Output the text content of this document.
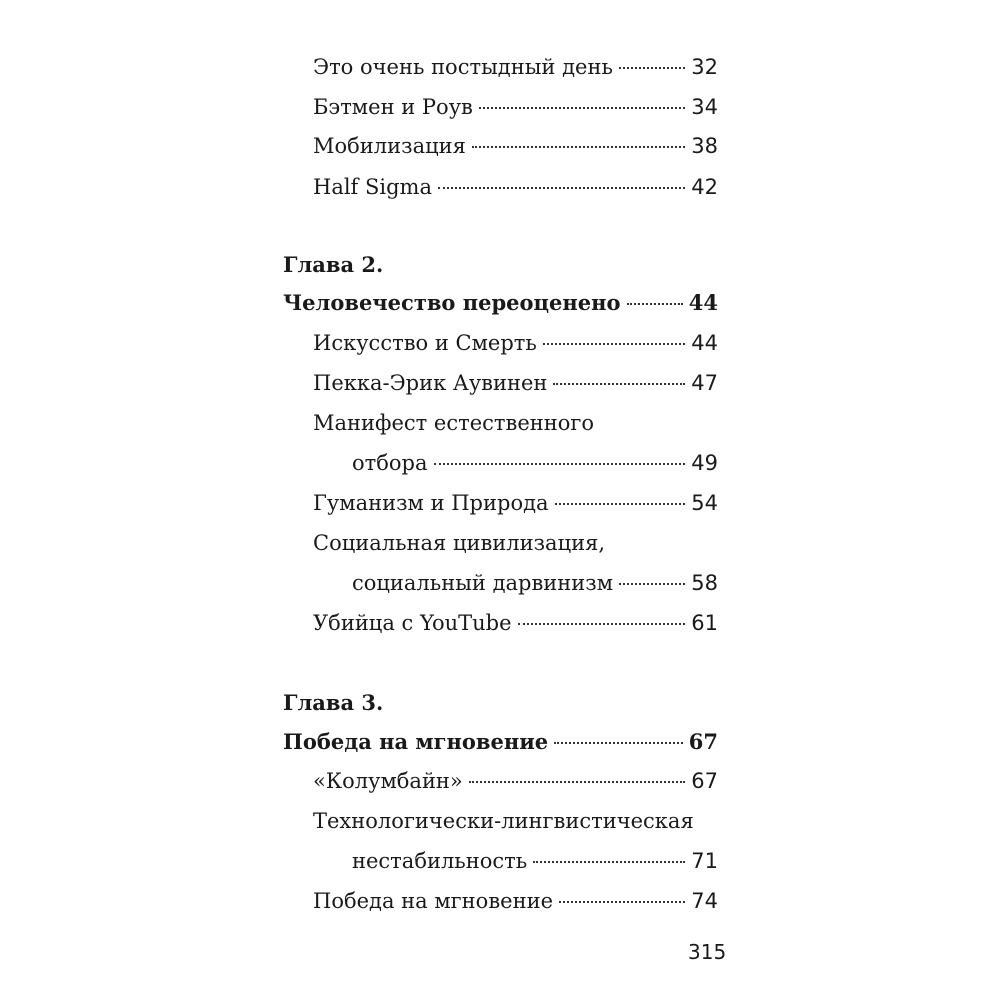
Это очень постыдный день	32
Бэтмен и Роув	34
Мобилизация	38
Half Sigma	42
Глава 2.
Человечество переоценено	44
Искусство и Смерть	44
Пекка-Эрик Аувинен	47
Манифест естественного
отбора	49
Гуманизм и Природа	54
Социальная цивилизация,
социальный дарвинизм	58
Убийца с YouTube	61
Глава 3.
Победа на мгновение	67
«Колумбайн»	67
Технологически-лингвистическая
нестабильность	71
Победа на мгновение	74
315
